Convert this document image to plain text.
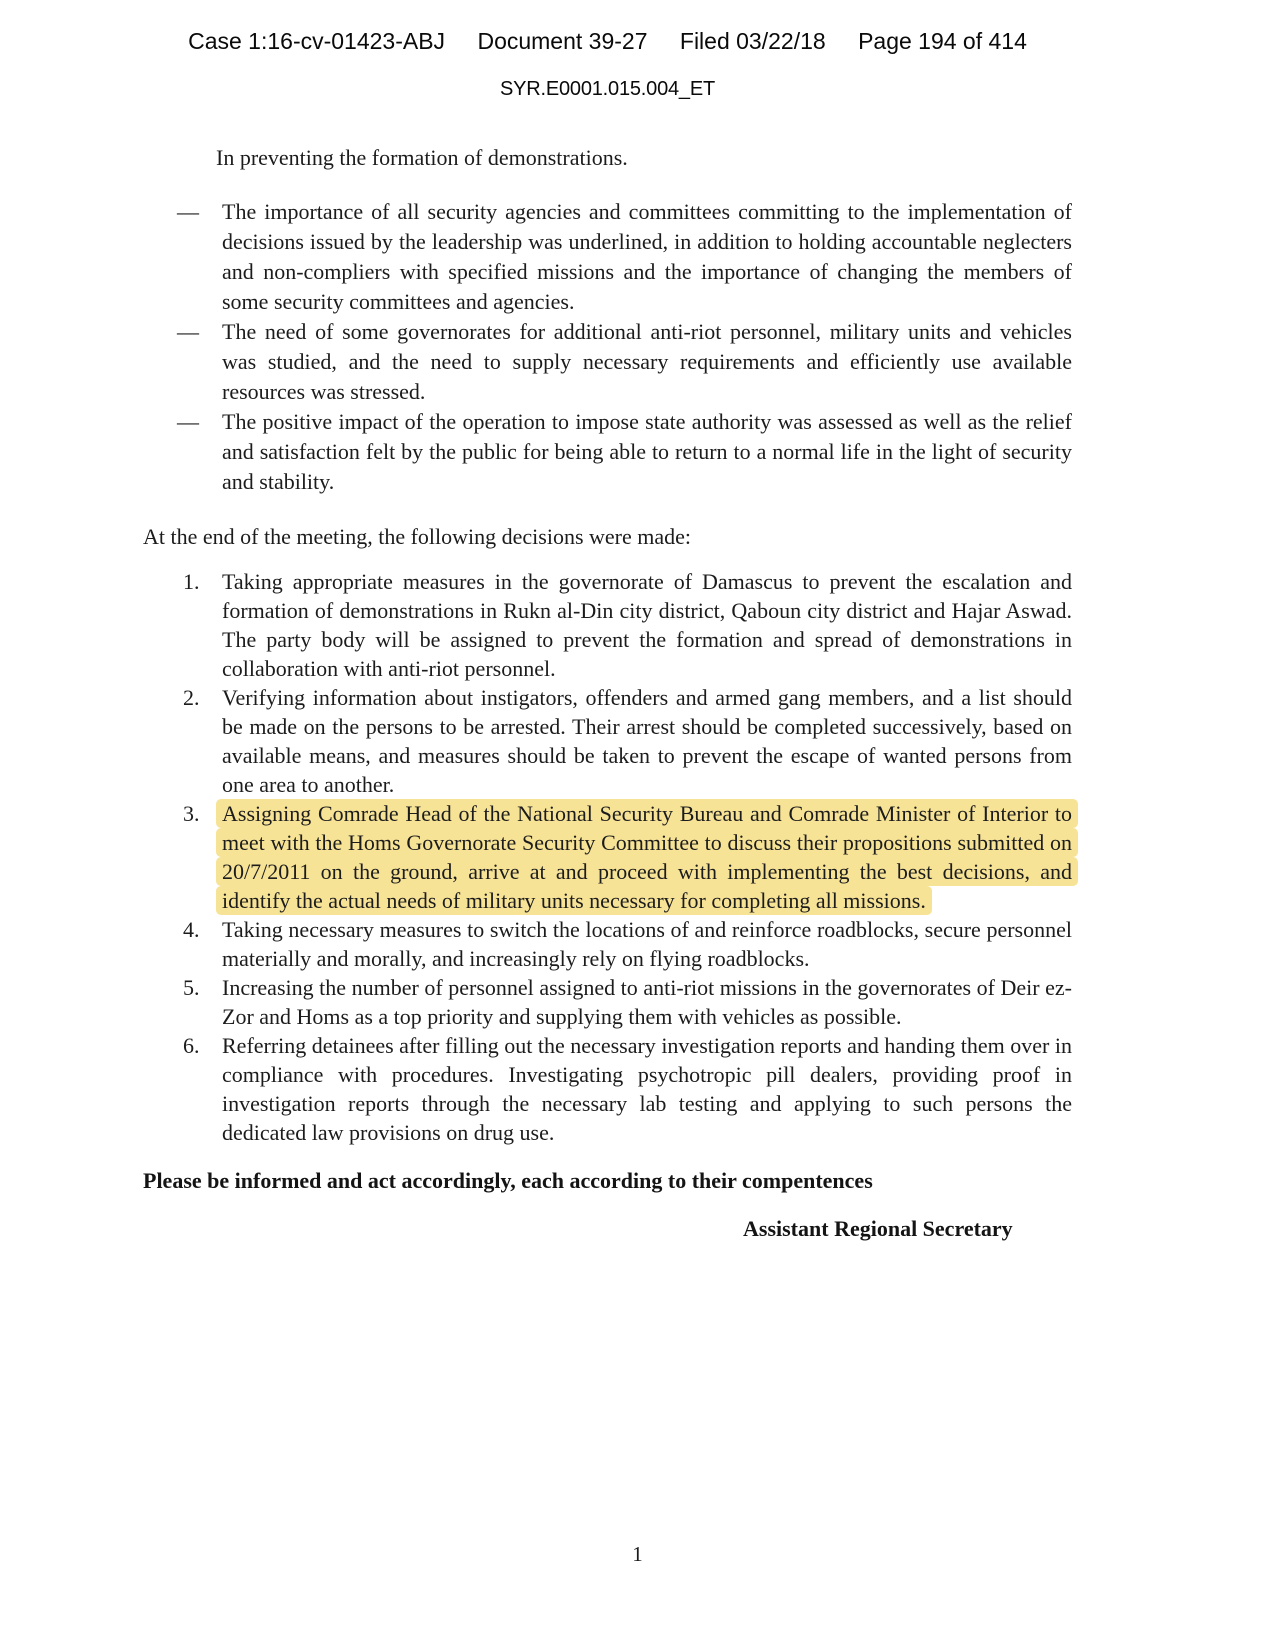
Case 1:16-cv-01423-ABJ Document 39-27 Filed 03/22/18 Page 194 of 414
SYR.E0001.015.004_ET

In preventing the formation of demonstrations.

— The importance of all security agencies and committees committing to the implementation of decisions issued by the leadership was underlined, in addition to holding accountable neglecters and non-compliers with specified missions and the importance of changing the members of some security committees and agencies.
— The need of some governorates for additional anti-riot personnel, military units and vehicles was studied, and the need to supply necessary requirements and efficiently use available resources was stressed.
— The positive impact of the operation to impose state authority was assessed as well as the relief and satisfaction felt by the public for being able to return to a normal life in the light of security and stability.

At the end of the meeting, the following decisions were made:

1. Taking appropriate measures in the governorate of Damascus to prevent the escalation and formation of demonstrations in Rukn al-Din city district, Qaboun city district and Hajar Aswad. The party body will be assigned to prevent the formation and spread of demonstrations in collaboration with anti-riot personnel.
2. Verifying information about instigators, offenders and armed gang members, and a list should be made on the persons to be arrested. Their arrest should be completed successively, based on available means, and measures should be taken to prevent the escape of wanted persons from one area to another.
3. Assigning Comrade Head of the National Security Bureau and Comrade Minister of Interior to meet with the Homs Governorate Security Committee to discuss their propositions submitted on 20/7/2011 on the ground, arrive at and proceed with implementing the best decisions, and identify the actual needs of military units necessary for completing all missions.
4. Taking necessary measures to switch the locations of and reinforce roadblocks, secure personnel materially and morally, and increasingly rely on flying roadblocks.
5. Increasing the number of personnel assigned to anti-riot missions in the governorates of Deir ez-Zor and Homs as a top priority and supplying them with vehicles as possible.
6. Referring detainees after filling out the necessary investigation reports and handing them over in compliance with procedures. Investigating psychotropic pill dealers, providing proof in investigation reports through the necessary lab testing and applying to such persons the dedicated law provisions on drug use.

Please be informed and act accordingly, each according to their compentences

Assistant Regional Secretary

1
